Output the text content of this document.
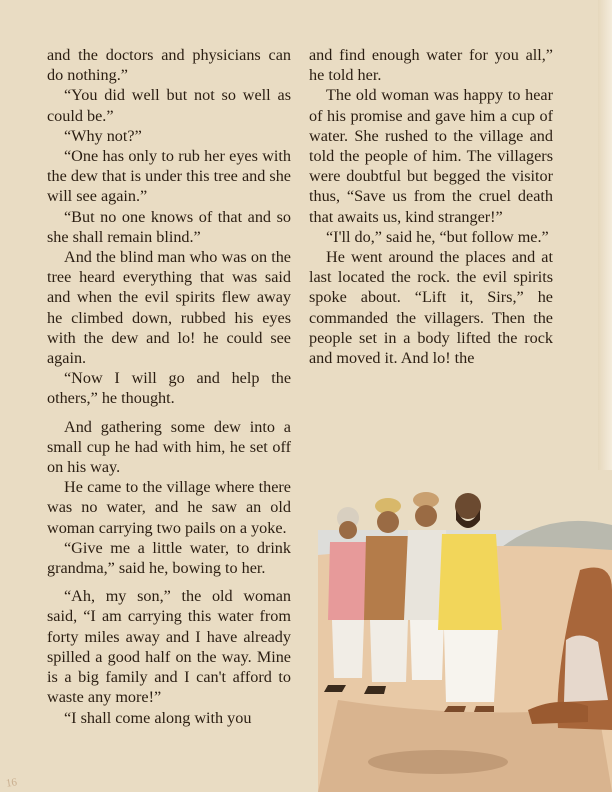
and the doctors and physicians can do nothing.”

“You did well but not so well as could be.”

“Why not?”

“One has only to rub her eyes with the dew that is under this tree and she will see again.”

“But no one knows of that and so she shall remain blind.”

And the blind man who was on the tree heard everything that was said and when the evil spirits flew away he climbed down, rubbed his eyes with the dew and lo! he could see again.

“Now I will go and help the others,” he thought.

And gathering some dew into a small cup he had with him, he set off on his way.

He came to the village where there was no water, and he saw an old woman carrying two pails on a yoke.

“Give me a little water, to drink grandma,” said he, bowing to her.

“Ah, my son,” the old woman said, “I am carrying this water from forty miles away and I have already spilled a good half on the way. Mine is a big family and I can't afford to waste any more!”

“I shall come along with you

and find enough water for you all,” he told her.

The old woman was happy to hear of his promise and gave him a cup of water. She rushed to the village and told the people of him. The villagers were doubtful but begged the visitor thus, “Save us from the cruel death that awaits us, kind stranger!”

“I'll do,” said he, “but follow me.”

He went around the places and at last located the rock. the evil spirits spoke about. “Lift it, Sirs,” he commanded the villagers. Then the people set in a body lifted the rock and moved it. And lo! the

16
